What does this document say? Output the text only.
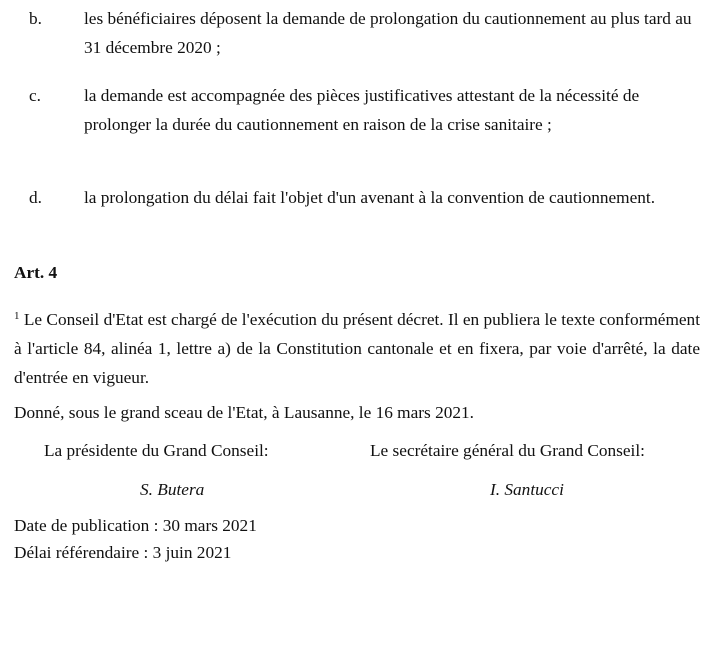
b. les bénéficiaires déposent la demande de prolongation du cautionnement au plus tard au 31 décembre 2020 ;
c. la demande est accompagnée des pièces justificatives attestant de la nécessité de prolonger la durée du cautionnement en raison de la crise sanitaire ;
d. la prolongation du délai fait l'objet d'un avenant à la convention de cautionnement.
Art. 4
$^1$ Le Conseil d'Etat est chargé de l'exécution du présent décret. Il en publiera le texte conformément à l'article 84, alinéa 1, lettre a) de la Constitution cantonale et en fixera, par voie d'arrêté, la date d'entrée en vigueur.
Donné, sous le grand sceau de l'Etat, à Lausanne, le 16 mars 2021.
La présidente du Grand Conseil:	Le secrétaire général du Grand Conseil:
S. Butera	I. Santucci
Date de publication : 30 mars 2021
Délai référendaire : 3 juin 2021
